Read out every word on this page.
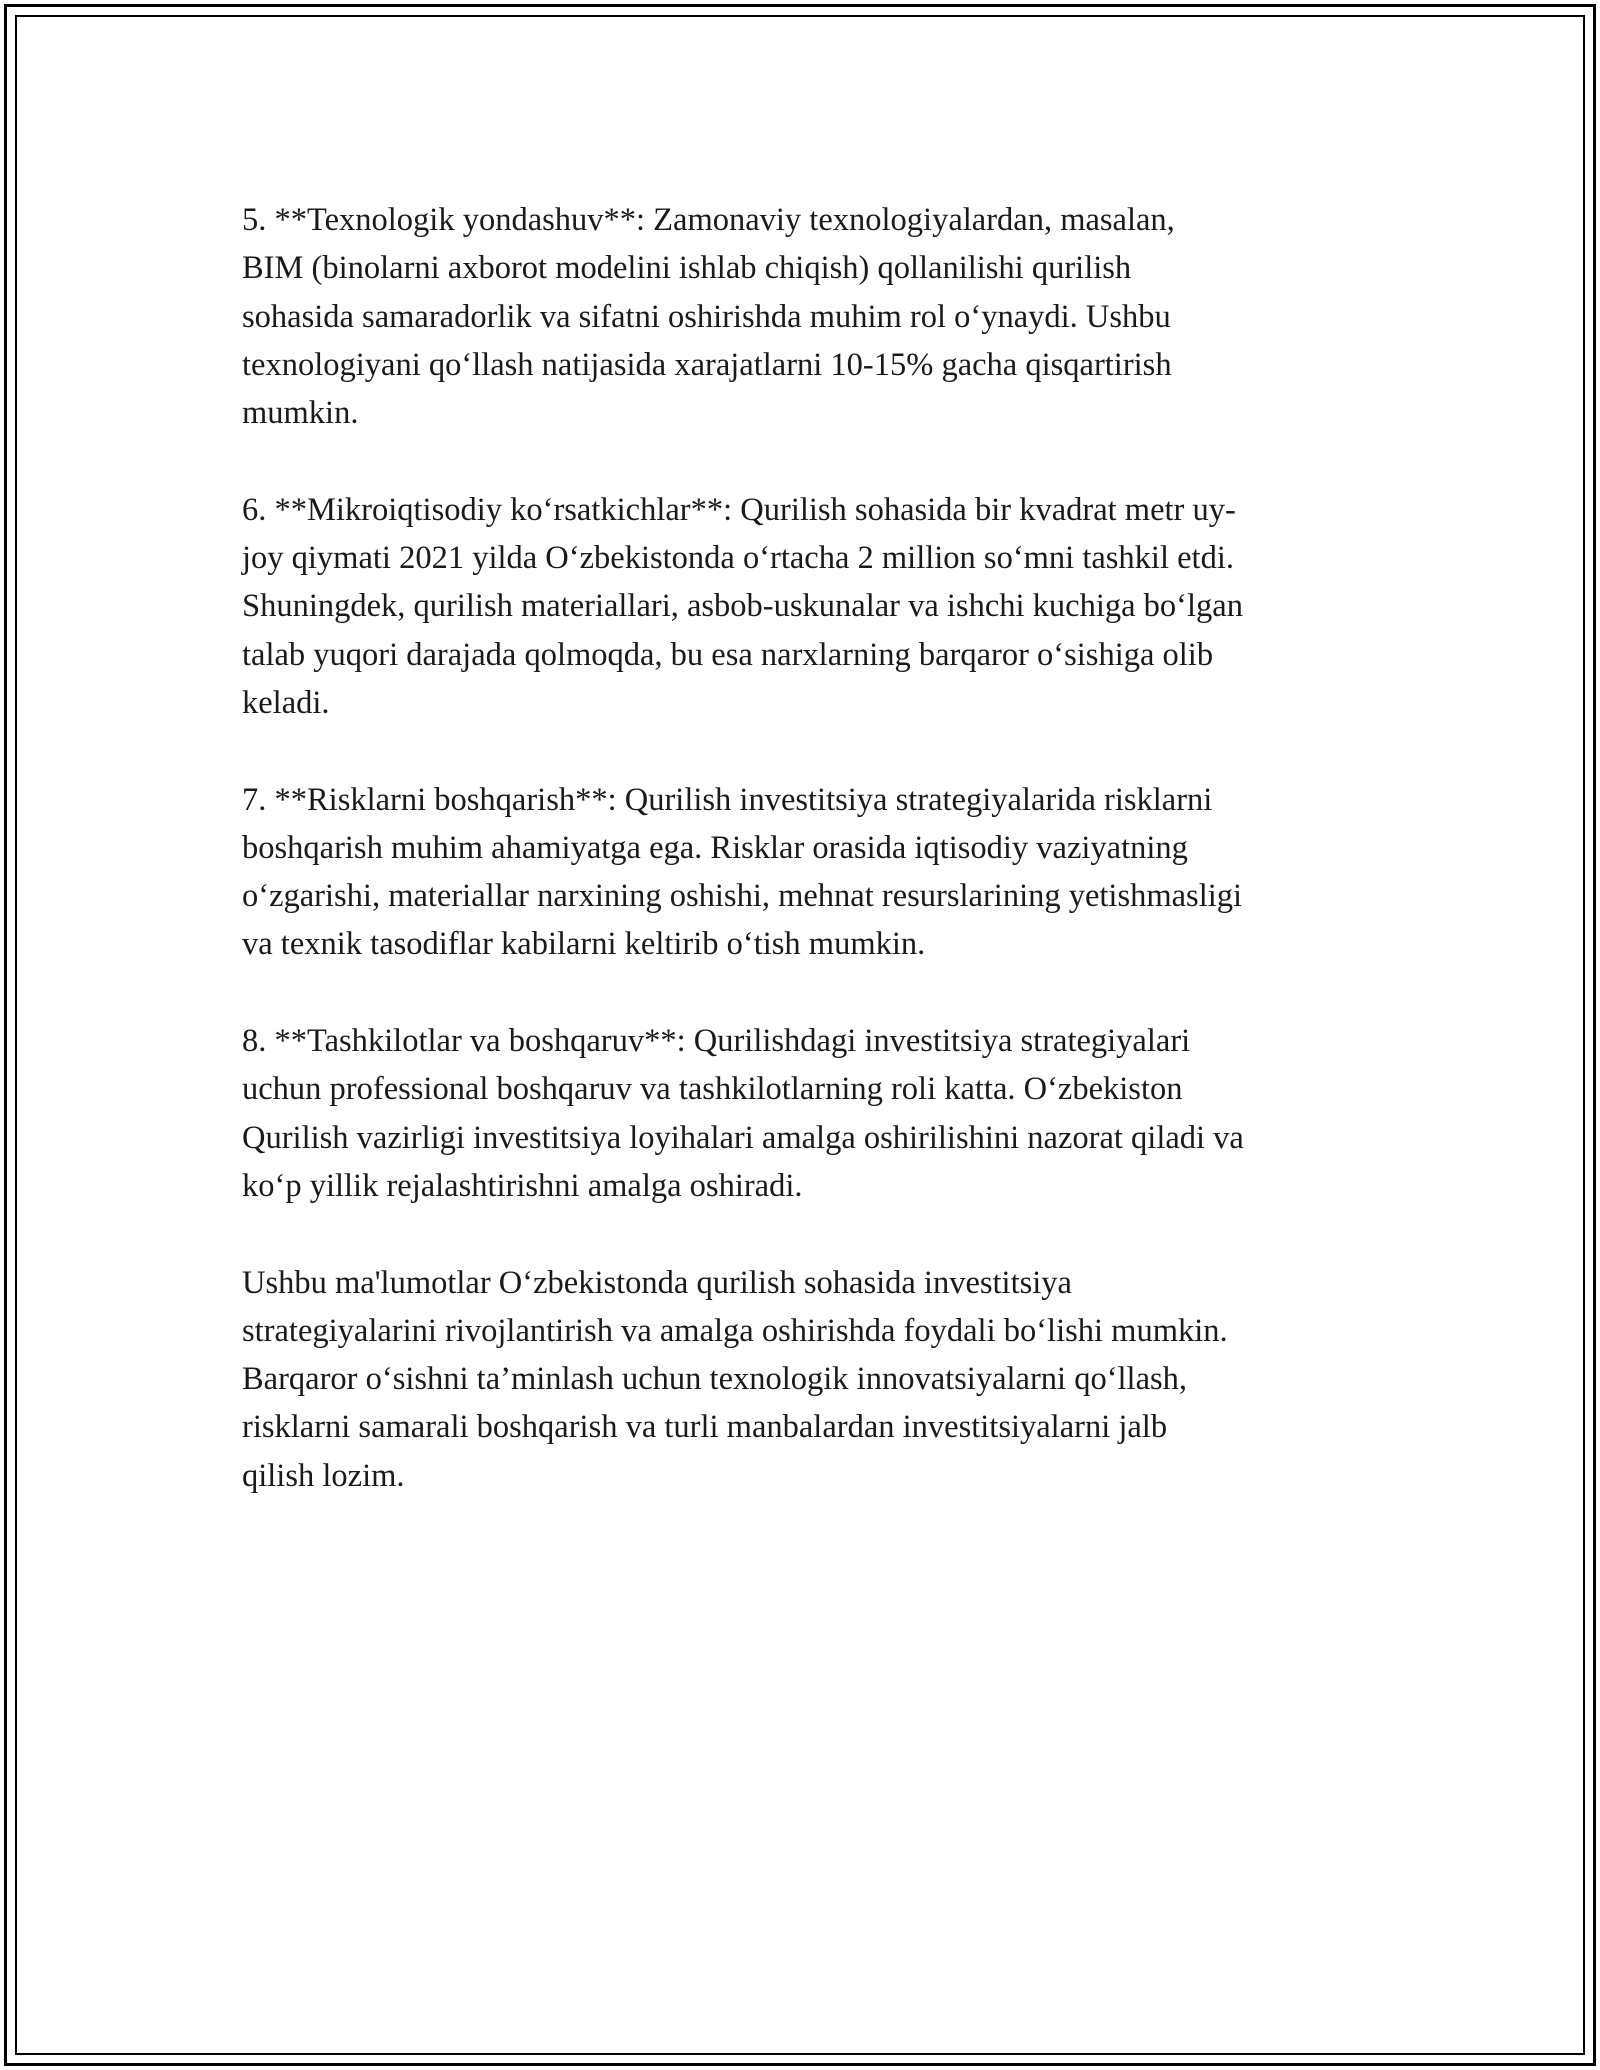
5. **Texnologik yondashuv**: Zamonaviy texnologiyalardan, masalan,
BIM (binolarni axborot modelini ishlab chiqish) qollanilishi qurilish
sohasida samaradorlik va sifatni oshirishda muhim rol o‘ynaydi. Ushbu
texnologiyani qo‘llash natijasida xarajatlarni 10-15% gacha qisqartirish
mumkin.

6. **Mikroiqtisodiy ko‘rsatkichlar**: Qurilish sohasida bir kvadrat metr uy-
joy qiymati 2021 yilda O‘zbekistonda o‘rtacha 2 million so‘mni tashkil etdi.
Shuningdek, qurilish materiallari, asbob-uskunalar va ishchi kuchiga bo‘lgan
talab yuqori darajada qolmoqda, bu esa narxlarning barqaror o‘sishiga olib
keladi.

7. **Risklarni boshqarish**: Qurilish investitsiya strategiyalarida risklarni
boshqarish muhim ahamiyatga ega. Risklar orasida iqtisodiy vaziyatning
o‘zgarishi, materiallar narxining oshishi, mehnat resurslarining yetishmasligi
va texnik tasodiflar kabilarni keltirib o‘tish mumkin.

8. **Tashkilotlar va boshqaruv**: Qurilishdagi investitsiya strategiyalari
uchun professional boshqaruv va tashkilotlarning roli katta. O‘zbekiston
Qurilish vazirligi investitsiya loyihalari amalga oshirilishini nazorat qiladi va
ko‘p yillik rejalashtirishni amalga oshiradi.

Ushbu ma'lumotlar O‘zbekistonda qurilish sohasida investitsiya
strategiyalarini rivojlantirish va amalga oshirishda foydali bo‘lishi mumkin.
Barqaror o‘sishni ta’minlash uchun texnologik innovatsiyalarni qo‘llash,
risklarni samarali boshqarish va turli manbalardan investitsiyalarni jalb
qilish lozim.
